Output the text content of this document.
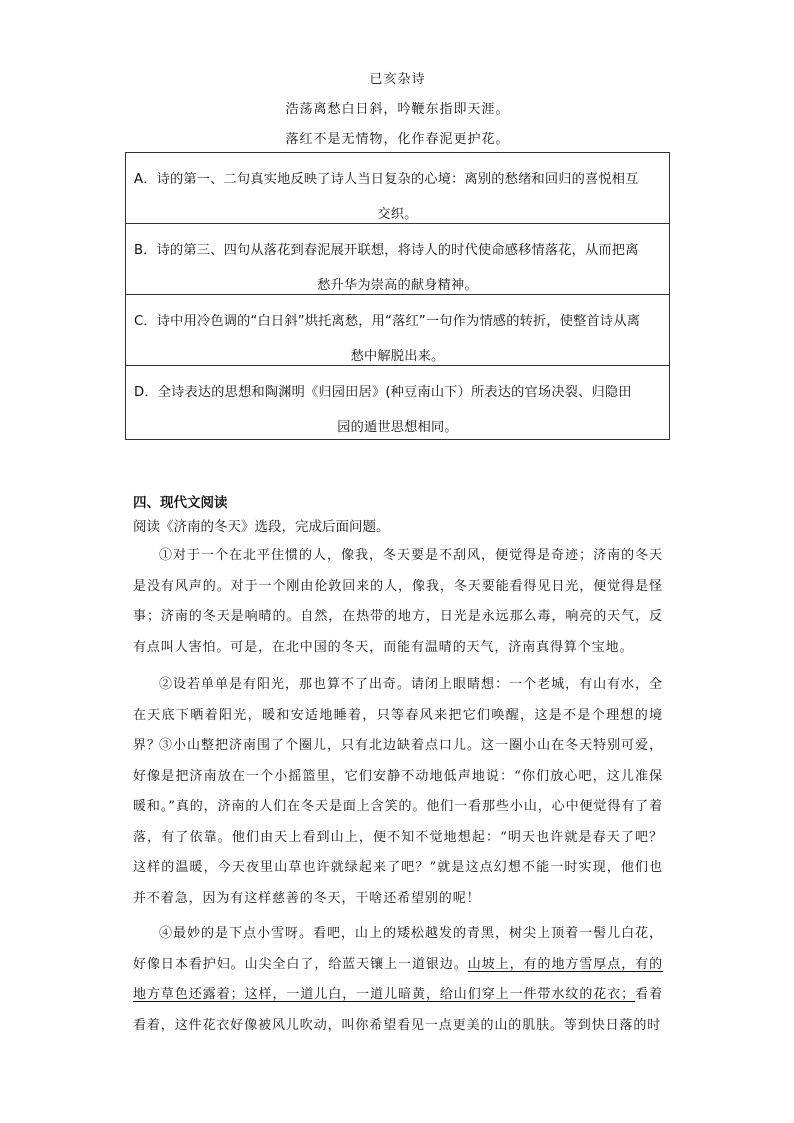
已亥杂诗
浩荡离愁白日斜，吟鞭东指即天涯。
落红不是无情物，化作春泥更护花。
A．诗的第一、二句真实地反映了诗人当日复杂的心境：离别的愁绪和回归的喜悦相互
交织。
B．诗的第三、四句从落花到春泥展开联想，将诗人的时代使命感移情落花，从而把离
愁升华为崇高的献身精神。
C．诗中用冷色调的“白日斜”烘托离愁，用“落红”一句作为情感的转折，使整首诗从离
愁中解脱出来。
D．全诗表达的思想和陶渊明《归园田居》(种豆南山下）所表达的官场决裂、归隐田
园的遁世思想相同。
四、现代文阅读
阅读《济南的冬天》选段，完成后面问题。

①对于一个在北平住惯的人，像我，冬天要是不刮风，便觉得是奇迹；济南的冬天是没有风声的。对于一个刚由伦敦回来的人，像我，冬天要能看得见日光，便觉得是怪事；济南的冬天是响晴的。自然，在热带的地方，日光是永远那么毒，响亮的天气，反有点叫人害怕。可是，在北中国的冬天，而能有温晴的天气，济南真得算个宝地。

②设若单单是有阳光，那也算不了出奇。请闭上眼睛想：一个老城，有山有水，全在天底下晒着阳光，暖和安适地睡着，只等春风来把它们唤醒，这是不是个理想的境界？

③小山整把济南围了个圈儿，只有北边缺着点口儿。这一圈小山在冬天特别可爱，好像是把济南放在一个小摇篮里，它们安静不动地低声地说：“你们放心吧，这儿准保暖和。”真的，济南的人们在冬天是面上含笑的。他们一看那些小山，心中便觉得有了着落，有了依靠。他们由天上看到山上，便不知不觉地想起：“明天也许就是春天了吧？这样的温暖，今天夜里山草也许就绿起来了吧？”就是这点幻想不能一时实现，他们也并不着急，因为有这样慈善的冬天，干啥还希望别的呢！

④最妙的是下点小雪呀。看吧，山上的矮松越发的青黑，树尖上顶着一髻儿白花，好像日本看护妇。山尖全白了，给蓝天镶上一道银边。山坡上，有的地方雪厚点，有的地方草色还露着；这样，一道儿白，一道儿暗黄，给山们穿上一件带水纹的花衣；看着看着，这件花衣好像被风儿吹动，叫你希望看见一点更美的山的肌肤。等到快日落的时
